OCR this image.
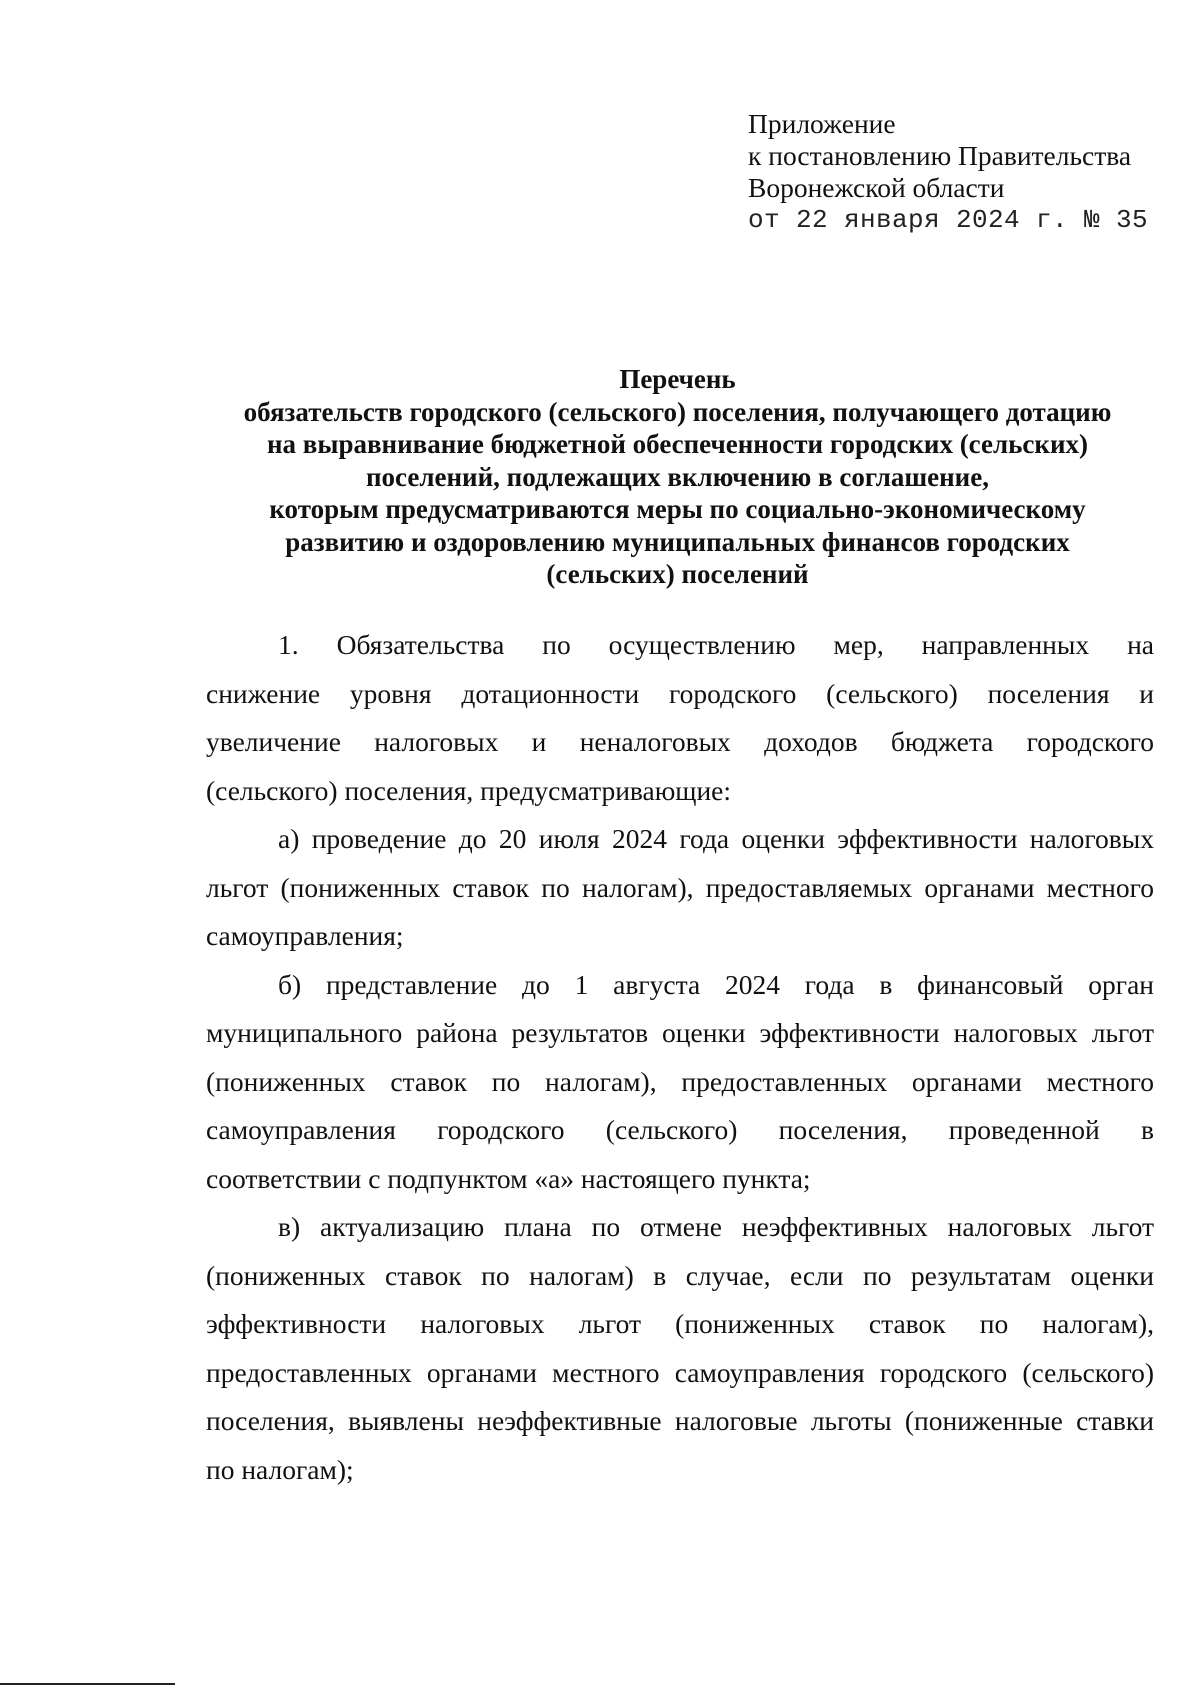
Приложение
к постановлению Правительства
Воронежской области
от 22 января 2024 г. № 35
Перечень
обязательств городского (сельского) поселения, получающего дотацию
на выравнивание бюджетной обеспеченности городских (сельских)
поселений, подлежащих включению в соглашение,
которым предусматриваются меры по социально-экономическому
развитию и оздоровлению муниципальных финансов городских
(сельских) поселений
1. Обязательства по осуществлению мер, направленных на
снижение уровня дотационности городского (сельского) поселения и
увеличение налоговых и неналоговых доходов бюджета городского
(сельского) поселения, предусматривающие:
а) проведение до 20 июля 2024 года оценки эффективности налоговых
льгот (пониженных ставок по налогам), предоставляемых органами местного
самоуправления;
б) представление до 1 августа 2024 года в финансовый орган
муниципального района результатов оценки эффективности налоговых льгот
(пониженных ставок по налогам), предоставленных органами местного
самоуправления городского (сельского) поселения, проведенной в
соответствии с подпунктом «а» настоящего пункта;
в) актуализацию плана по отмене неэффективных налоговых льгот
(пониженных ставок по налогам) в случае, если по результатам оценки
эффективности налоговых льгот (пониженных ставок по налогам),
предоставленных органами местного самоуправления городского (сельского)
поселения, выявлены неэффективные налоговые льготы (пониженные ставки
по налогам);
